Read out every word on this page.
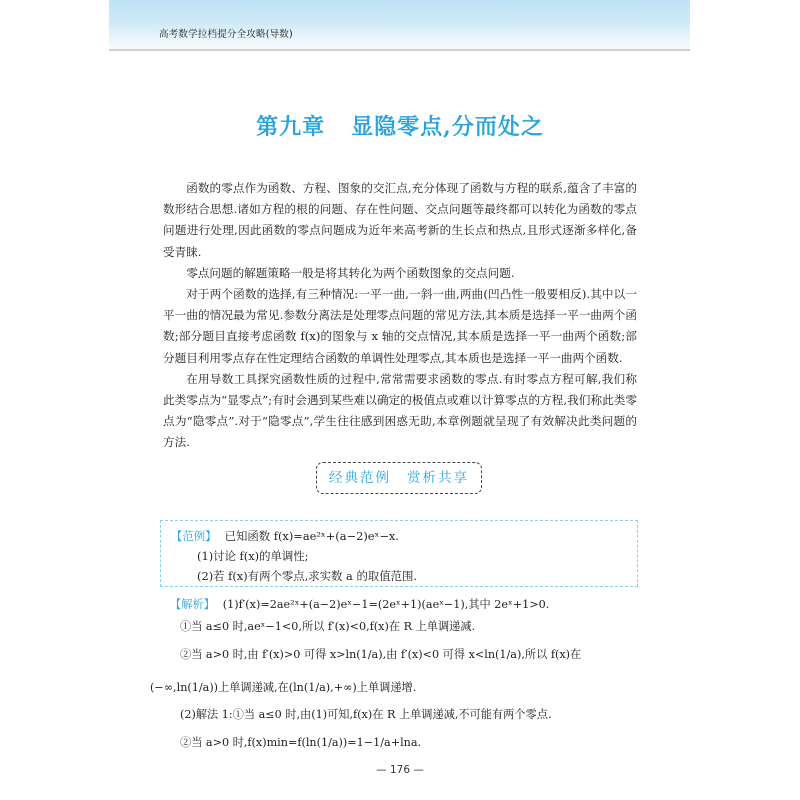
高考数学拉档提分全攻略(导数)
第九章 显隐零点,分而处之

函数的零点作为函数、方程、图象的交汇点,充分体现了函数与方程的联系,蕴含了丰富的数形结合思想.诸如方程的根的问题、存在性问题、交点问题等最终都可以转化为函数的零点问题进行处理,因此函数的零点问题成为近年来高考新的生长点和热点,且形式逐渐多样化,备受青睐.

零点问题的解题策略一般是将其转化为两个函数图象的交点问题.

对于两个函数的选择,有三种情况:一平一曲,一斜一曲,两曲(凹凸性一般要相反).其中以一平一曲的情况最为常见.参数分离法是处理零点问题的常见方法,其本质是选择一平一曲两个函数;部分题目直接考虑函数 f(x)的图象与 x 轴的交点情况,其本质是选择一平一曲两个函数;部分题目利用零点存在性定理结合函数的单调性处理零点,其本质也是选择一平一曲两个函数.

在用导数工具探究函数性质的过程中,常常需要求函数的零点.有时零点方程可解,我们称此类零点为“显零点”;有时会遇到某些难以确定的极值点或难以计算零点的方程,我们称此类零点为“隐零点”.对于“隐零点”,学生往往感到困惑无助,本章例题就呈现了有效解决此类问题的方法.

经典范例 赏析共享
【范例】 已知函数 f(x)=ae²ˣ+(a−2)eˣ−x.
(1)讨论 f(x)的单调性;
(2)若 f(x)有两个零点,求实数 a 的取值范围.
【解析】 (1)f′(x)=2ae²ˣ+(a−2)eˣ−1=(2eˣ+1)(aeˣ−1),其中 2eˣ+1>0.
①当 a≤0 时,aeˣ−1<0,所以 f′(x)<0,f(x)在 R 上单调递减.
②当 a>0 时,由 f′(x)>0 可得 x>ln(1/a),由 f′(x)<0 可得 x<ln(1/a),所以 f(x)在
(−∞,ln(1/a))上单调递减,在(ln(1/a),+∞)上单调递增.
(2)解法 1:①当 a≤0 时,由(1)可知,f(x)在 R 上单调递减,不可能有两个零点.
②当 a>0 时,f(x)min=f(ln(1/a))=1−1/a+lna.
— 176 —
